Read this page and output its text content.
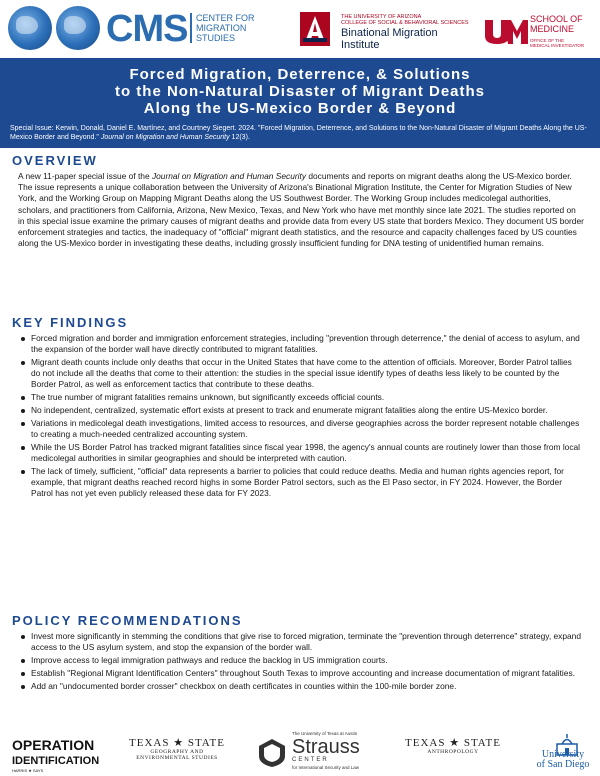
CMS CENTER FOR
MIGRATION
STUDIES
THE UNIVERSITY OF ARIZONA
COLLEGE OF SOCIAL & BEHAVIORAL SCIENCES
Binational Migration
Institute
SCHOOL OF
MEDICINE
OFFICE OF THE
MEDICAL INVESTIGATOR
Forced Migration, Deterrence, & Solutions
to the Non-Natural Disaster of Migrant Deaths
Along the US-Mexico Border & Beyond
Special Issue: Kerwin, Donald, Daniel E. Martínez, and Courtney Siegert. 2024. "Forced Migration, Deterrence, and Solutions to the Non-Natural Disaster of Migrant Deaths Along the US-Mexico Border and Beyond." Journal on Migration and Human Security 12(3).
OVERVIEW

A new 11-paper special issue of the Journal on Migration and Human Security documents and reports on migrant deaths along the US-Mexico border. The issue represents a unique collaboration between the University of Arizona's Binational Migration Institute, the Center for Migration Studies of New York, and the Working Group on Mapping Migrant Deaths along the US Southwest Border. The Working Group includes medicolegal authorities, scholars, and practitioners from California, Arizona, New Mexico, Texas, and New York who have met monthly since late 2021. The studies reported on in this special issue examine the primary causes of migrant deaths and provide data from every US state that borders Mexico. They document US border enforcement strategies and tactics, the inadequacy of "official" migrant death statistics, and the resource and capacity challenges faced by US counties along the US-Mexico border in investigating these deaths, including grossly insufficient funding for DNA testing of unidentified human remains.

KEY FINDINGS
Forced migration and border and immigration enforcement strategies, including "prevention through deterrence," the denial of access to asylum, and the expansion of the border wall have directly contributed to migrant fatalities.
Migrant death counts include only deaths that occur in the United States that have come to the attention of officials. Moreover, Border Patrol tallies do not include all the deaths that come to their attention: the studies in the special issue identify types of deaths less likely to be counted by the Border Patrol, as well as enforcement tactics that contribute to these deaths.
The true number of migrant fatalities remains unknown, but significantly exceeds official counts.
No independent, centralized, systematic effort exists at present to track and enumerate migrant fatalities along the entire US-Mexico border.
Variations in medicolegal death investigations, limited access to resources, and diverse geographies across the border represent notable challenges to creating a much-needed centralized accounting system.
While the US Border Patrol has tracked migrant fatalities since fiscal year 1998, the agency's annual counts are routinely lower than those from local medicolegal authorities in similar geographies and should be interpreted with caution.
The lack of timely, sufficient, "official" data represents a barrier to policies that could reduce deaths. Media and human rights agencies report, for example, that migrant deaths reached record highs in some Border Patrol sectors, such as the El Paso sector, in FY 2024. However, the Border Patrol has not yet even publicly released these data for FY 2023.
POLICY RECOMMENDATIONS
Invest more significantly in stemming the conditions that give rise to forced migration, terminate the "prevention through deterrence" strategy, expand access to the US asylum system, and stop the expansion of the border wall.
Improve access to legal immigration pathways and reduce the backlog in US immigration courts.
Establish "Regional Migrant Identification Centers" throughout South Texas to improve accounting and increase documentation of migrant fatalities.
Add an "undocumented border crosser" checkbox on death certificates in counties within the 100-mile border zone.
OPERATION
IDENTIFICATION
HARRIS ★ SAYS
TEXAS ★ STATE
GEOGRAPHY AND
ENVIRONMENTAL STUDIES
The University of Texas at Austin
Strauss
CENTER
for International Security and Law
TEXAS ★ STATE
ANTHROPOLOGY	University
of San Diego
